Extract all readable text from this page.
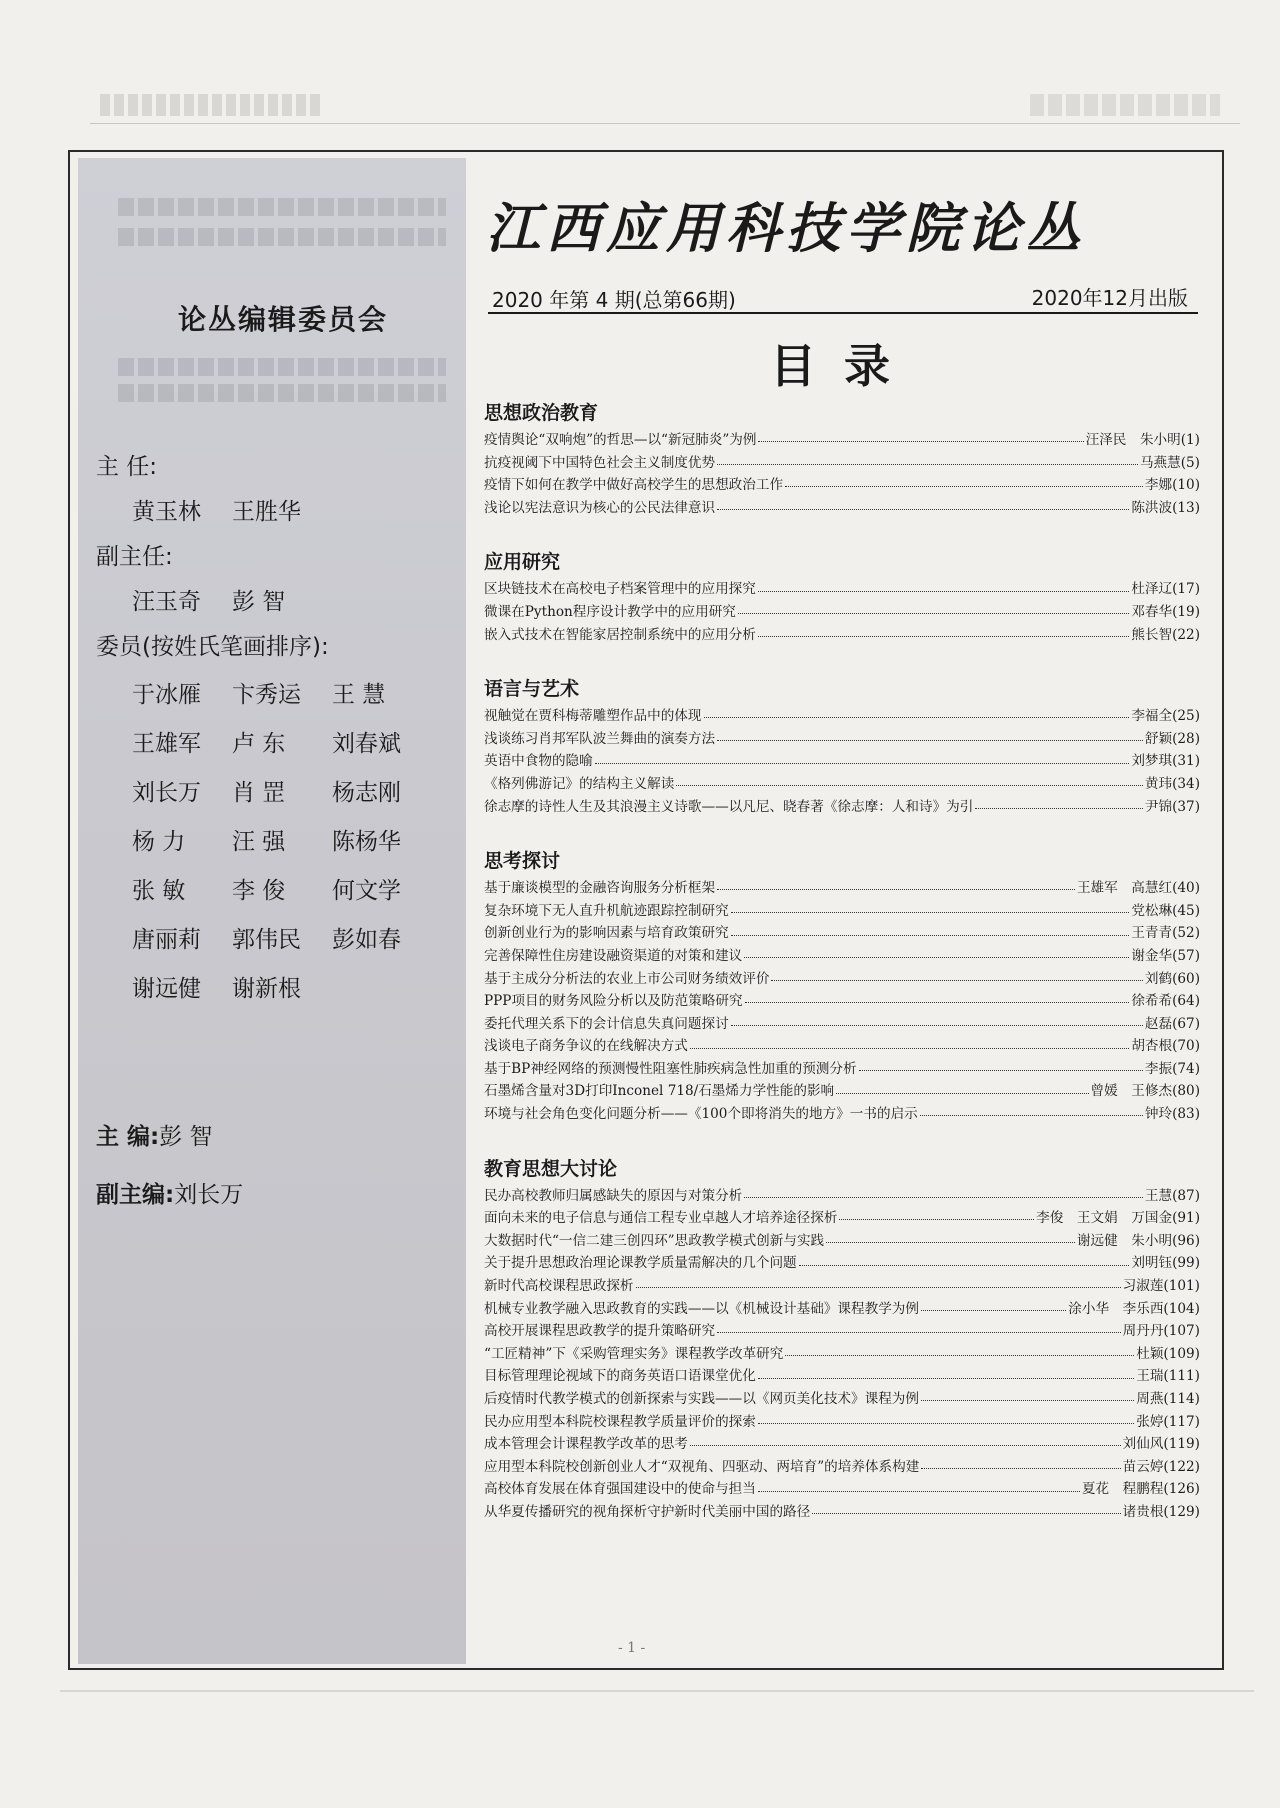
论丛编辑委员会
主 任:
黄玉林	王胜华
副主任:
汪玉奇	彭 智
委员(按姓氏笔画排序):
于冰雁	卞秀运	王 慧
王雄军	卢 东	刘春斌
刘长万	肖 罡	杨志刚
杨 力	汪 强	陈杨华
张 敏	李 俊	何文学
唐丽莉	郭伟民	彭如春
谢远健	谢新根
主 编:彭 智
副主编:刘长万
江西应用科技学院论丛
2020 年第 4 期(总第66期)	2020年12月出版
目录
思想政治教育
疫情舆论“双响炮”的哲思—以“新冠肺炎”为例	汪泽民　朱小明(1)
抗疫视阈下中国特色社会主义制度优势	马燕慧(5)
疫情下如何在教学中做好高校学生的思想政治工作	李娜(10)
浅论以宪法意识为核心的公民法律意识	陈洪波(13)
应用研究
区块链技术在高校电子档案管理中的应用探究	杜泽辽(17)
微课在Python程序设计教学中的应用研究	邓春华(19)
嵌入式技术在智能家居控制系统中的应用分析	熊长智(22)
语言与艺术
视触觉在贾科梅蒂雕塑作品中的体现	李福全(25)
浅谈练习肖邦军队波兰舞曲的演奏方法	舒颖(28)
英语中食物的隐喻	刘梦琪(31)
《格列佛游记》的结构主义解读	黄玮(34)
徐志摩的诗性人生及其浪漫主义诗歌——以凡尼、晓春著《徐志摩：人和诗》为引	尹锦(37)
思考探讨
基于廉谈模型的金融咨询服务分析框架	王雄军　高慧红(40)
复杂环境下无人直升机航迹跟踪控制研究	党松琳(45)
创新创业行为的影响因素与培育政策研究	王青青(52)
完善保障性住房建设融资渠道的对策和建议	谢金华(57)
基于主成分分析法的农业上市公司财务绩效评价	刘鹤(60)
PPP项目的财务风险分析以及防范策略研究	徐希希(64)
委托代理关系下的会计信息失真问题探讨	赵磊(67)
浅谈电子商务争议的在线解决方式	胡杏根(70)
基于BP神经网络的预测慢性阻塞性肺疾病急性加重的预测分析	李振(74)
石墨烯含量对3D打印Inconel 718/石墨烯力学性能的影响	曾媛　王修杰(80)
环境与社会角色变化问题分析——《100个即将消失的地方》一书的启示	钟玲(83)
教育思想大讨论
民办高校教师归属感缺失的原因与对策分析	王慧(87)
面向未来的电子信息与通信工程专业卓越人才培养途径探析	李俊　王文娟　万国金(91)
大数据时代“一信二建三创四环”思政教学模式创新与实践	谢远健　朱小明(96)
关于提升思想政治理论课教学质量需解决的几个问题	刘明钰(99)
新时代高校课程思政探析	习淑莲(101)
机械专业教学融入思政教育的实践——以《机械设计基础》课程教学为例	涂小华　李乐西(104)
高校开展课程思政教学的提升策略研究	周丹丹(107)
“工匠精神”下《采购管理实务》课程教学改革研究	杜颖(109)
目标管理理论视域下的商务英语口语课堂优化	王瑞(111)
后疫情时代教学模式的创新探索与实践——以《网页美化技术》课程为例	周燕(114)
民办应用型本科院校课程教学质量评价的探索	张婷(117)
成本管理会计课程教学改革的思考	刘仙风(119)
应用型本科院校创新创业人才“双视角、四驱动、两培育”的培养体系构建	苗云婷(122)
高校体育发展在体育强国建设中的使命与担当	夏花　程鹏程(126)
从华夏传播研究的视角探析守护新时代美丽中国的路径	诸贵根(129)
- 1 -
